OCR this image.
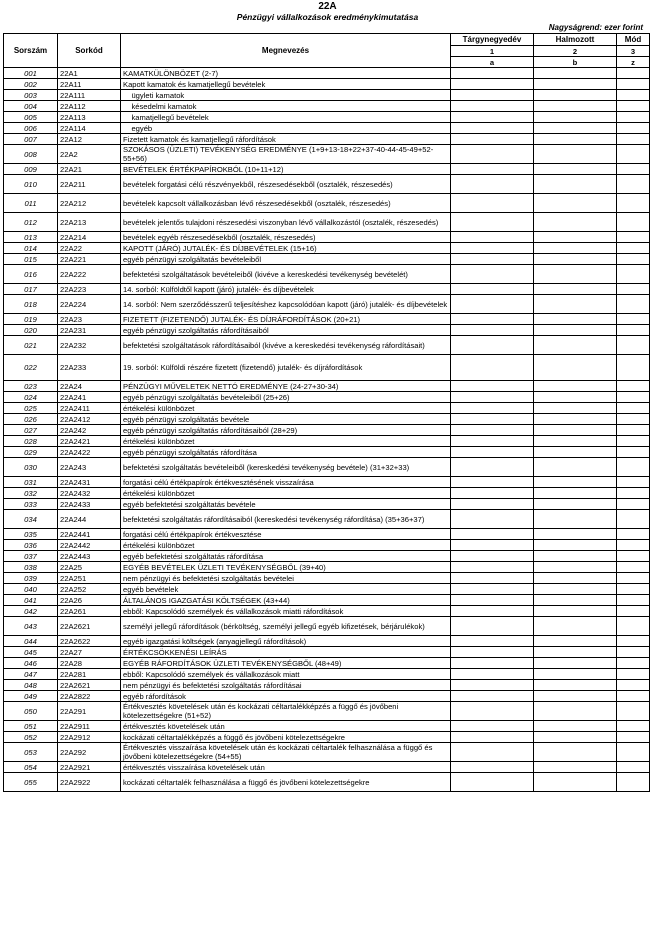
22A
Pénzügyi vállalkozások eredménykimutatása
Nagyságrend: ezer forint
Sorszám	Sorkód	Megnevezés	Tárgynegyedév	Halmozott	Mód
			1	2	3
			a	b	z
001	22A1	KAMATKÜLÖNBÖZET (2-7)			
002	22A11	Kapott kamatok és kamatjellegű bevételek			
003	22A111	ügyleti kamatok			
004	22A112	késedelmi kamatok			
005	22A113	kamatjellegű bevételek			
006	22A114	egyéb			
007	22A12	Fizetett kamatok és kamatjellegű ráfordítások			
008	22A2	SZOKÁSOS (ÜZLETI) TEVÉKENYSÉG EREDMÉNYE (1+9+13-18+22+37-40-44-45-49+52-55+56)			
009	22A21	BEVÉTELEK ÉRTÉKPAPÍROKBÓL (10+11+12)			
010	22A211	bevételek forgatási célú részvényekből, részesedésekből (osztalék, részesedés)			
011	22A212	bevételek kapcsolt vállalkozásban lévő részesedésekből (osztalék, részesedés)			
012	22A213	bevételek jelentős tulajdoni részesedési viszonyban lévő vállalkozástól (osztalék, részesedés)			
013	22A214	bevételek egyéb részesedésekből (osztalék, részesedés)			
014	22A22	KAPOTT (JÁRÓ) JUTALÉK- ÉS DÍJBEVÉTELEK (15+16)			
015	22A221	egyéb pénzügyi szolgáltatás bevételeiből			
016	22A222	befektetési szolgáltatások bevételeiből (kivéve a kereskedési tevékenység bevételét)			
017	22A223	14. sorból: Külföldtől kapott (járó) jutalék- és díjbevételek			
018	22A224	14. sorból: Nem szerződésszerű teljesítéshez kapcsolódóan kapott (járó) jutalék- és díjbevételek			
019	22A23	FIZETETT (FIZETENDŐ) JUTALÉK- ÉS DÍJRÁFORDÍTÁSOK (20+21)			
020	22A231	egyéb pénzügyi szolgáltatás ráfordításaiból			
021	22A232	befektetési szolgáltatások ráfordításaiból (kivéve a kereskedési tevékenység ráfordításait)			
022	22A233	19. sorból: Külföldi részére fizetett (fizetendő) jutalék- és díjráfordítások			
023	22A24	PÉNZÜGYI MŰVELETEK NETTÓ EREDMÉNYE (24-27+30-34)			
024	22A241	egyéb pénzügyi szolgáltatás bevételeiből (25+26)			
025	22A2411	értékelési különbözet			
026	22A2412	egyéb pénzügyi szolgáltatás bevétele			
027	22A242	egyéb pénzügyi szolgáltatás ráfordításaiból (28+29)			
028	22A2421	értékelési különbözet			
029	22A2422	egyéb pénzügyi szolgáltatás ráfordítása			
030	22A243	befektetési szolgáltatás bevételeiből (kereskedési tevékenység bevétele) (31+32+33)			
031	22A2431	forgatási célú értékpapírok értékvesztésének visszaírása			
032	22A2432	értékelési különbözet			
033	22A2433	egyéb befektetési szolgáltatás bevétele			
034	22A244	befektetési szolgáltatás ráfordításaiból (kereskedési tevékenység ráfordítása) (35+36+37)			
035	22A2441	forgatási célú értékpapírok értékvesztése			
036	22A2442	értékelési különbözet			
037	22A2443	egyéb befektetési szolgáltatás ráfordítása			
038	22A25	EGYÉB BEVÉTELEK ÜZLETI TEVÉKENYSÉGBŐL (39+40)			
039	22A251	nem pénzügyi és befektetési szolgáltatás bevételei			
040	22A252	egyéb bevételek			
041	22A26	ÁLTALÁNOS IGAZGATÁSI KÖLTSÉGEK (43+44)			
042	22A261	ebből: Kapcsolódó személyek és vállalkozások miatti ráfordítások			
043	22A2621	személyi jellegű ráfordítások (bérköltség, személyi jellegű egyéb kifizetések, bérjárulékok)			
044	22A2622	egyéb igazgatási költségek (anyagjellegű ráfordítások)			
045	22A27	ÉRTÉKCSÖKKENÉSI LEÍRÁS			
046	22A28	EGYÉB RÁFORDÍTÁSOK ÜZLETI TEVÉKENYSÉGBŐL (48+49)			
047	22A281	ebből: Kapcsolódó személyek és vállalkozások miatt			
048	22A2621	nem pénzügyi és befektetési szolgáltatás ráfordításai			
049	22A2822	egyéb ráfordítások			
050	22A291	Értékvesztés követelések után és kockázati céltartalékképzés a függő és jövőbeni kötelezettségekre (51+52)			
051	22A2911	értékvesztés követelések után			
052	22A2912	kockázati céltartalékképzés a függő és jövőbeni kötelezettségekre			
053	22A292	Értékvesztés visszaírása követelések után és kockázati céltartalék felhasználása a függő és jövőbeni kötelezettségekre (54+55)			
054	22A2921	értékvesztés visszaírása követelések után			
055	22A2922	kockázati céltartalék felhasználása a függő és jövőbeni kötelezettségekre			
